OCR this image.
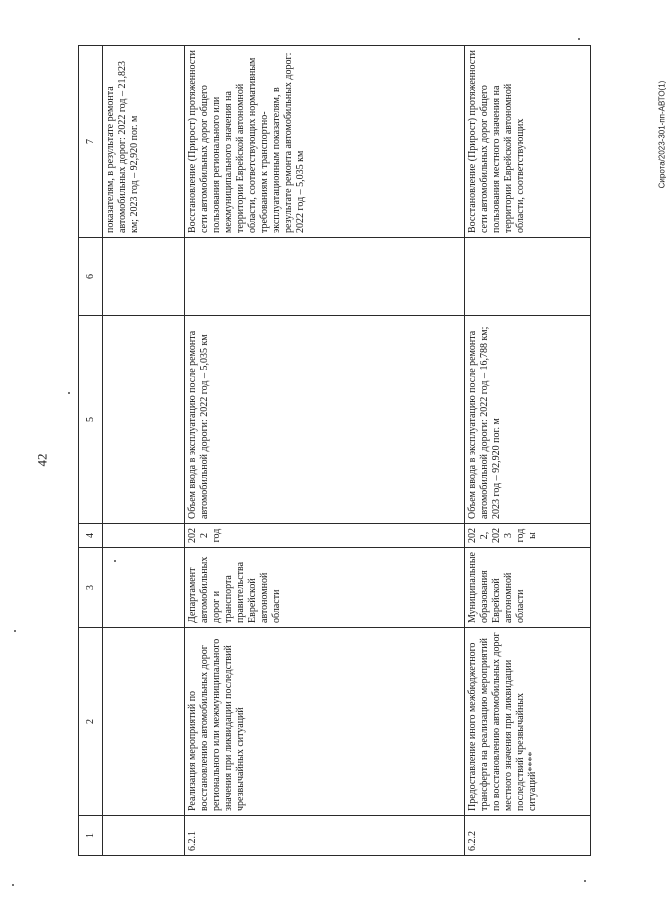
42
Сирота/2023-301-пп-АВТО(1)
1	2	3	4	5	6	7
						показателям, в результате ремонта автомобильных дорог: 2022 год – 21,823 км; 2023 год – 92,920 пог. м
6.2.1	Реализация мероприятий по восстановлению автомобильных дорог регионального или межмуниципального значения при ликвидации последствий чрезвычайных ситуаций	Департамент автомобильных дорог и транспорта правительства Еврейской автономной области	2022 год	Объем ввода в эксплуатацию после ремонта автомобильной дороги: 2022 год – 5,035 км		Восстановление (Прирост) протяженности сети автомобильных дорог общего пользования регионального или межмуниципального значения на территории Еврейской автономной области, соответствующих нормативным требованиям к транспортно-эксплуатационным показателям, в результате ремонта автомобильных дорог: 2022 год – 5,035 км
6.2.2	Предоставление иного межбюджетного трансферта на реализацию мероприятий по восстановлению автомобильных дорог местного значения при ликвидации последствий чрезвычайных ситуаций****	Муниципальные образования Еврейской автономной области	2022, 2023 годы	Объем ввода в эксплуатацию после ремонта автомобильной дороги: 2022 год – 16,788 км; 2023 год – 92,920 пог. м		Восстановление (Прирост) протяженности сети автомобильных дорог общего пользования местного значения на территории Еврейской автономной области, соответствующих
